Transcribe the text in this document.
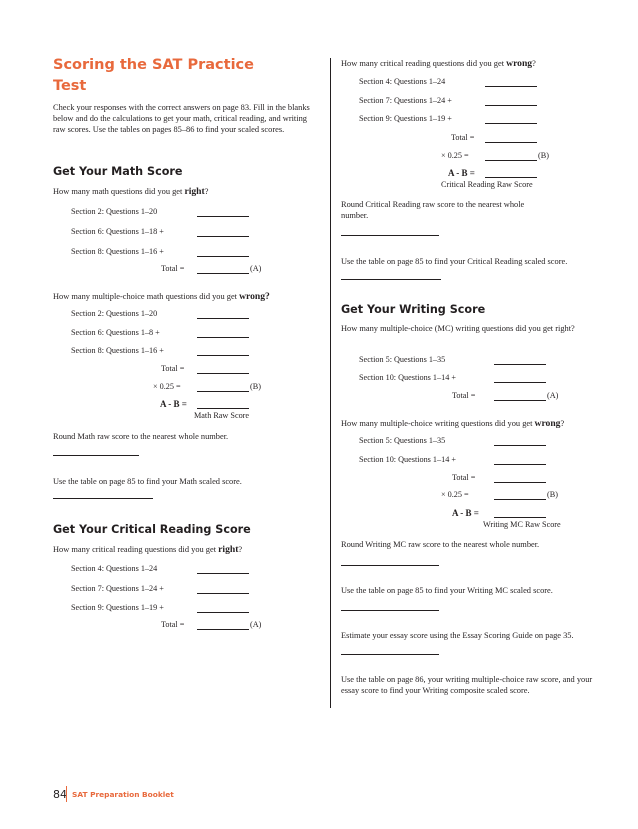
Scoring the SAT Practice
Test
Check your responses with the correct answers on page 83. Fill in the blanks below and do the calculations to get your math, critical reading, and writing raw scores. Use the tables on pages 85–86 to find your scaled scores.
Get Your Math Score
How many math questions did you get right?
Section 2: Questions 1–20
Section 6: Questions 1–18 +
Section 8: Questions 1–16 +
Total =	(A)
How many multiple-choice math questions did you get wrong?
Section 2: Questions 1–20
Section 6: Questions 1–8 +
Section 8: Questions 1–16 +
Total =
× 0.25 =	(B)
A - B =
Math Raw Score
Round Math raw score to the nearest whole number.
Use the table on page 85 to find your Math scaled score.
Get Your Critical Reading Score
How many critical reading questions did you get right?
Section 4: Questions 1–24
Section 7: Questions 1–24 +
Section 9: Questions 1–19 +
Total =	(A)
How many critical reading questions did you get wrong?
Section 4: Questions 1–24
Section 7: Questions 1–24 +
Section 9: Questions 1–19 +
Total =
× 0.25 =	(B)
A - B =
Critical Reading Raw Score
Round Critical Reading raw score to the nearest whole number.
Use the table on page 85 to find your Critical Reading scaled score.
Get Your Writing Score
How many multiple-choice (MC) writing questions did you get right?
Section 5: Questions 1–35
Section 10: Questions 1–14 +
Total =	(A)
How many multiple-choice writing questions did you get wrong?
Section 5: Questions 1–35
Section 10: Questions 1–14 +
Total =
× 0.25 =	(B)
A - B =
Writing MC Raw Score
Round Writing MC raw score to the nearest whole number.
Use the table on page 85 to find your Writing MC scaled score.
Estimate your essay score using the Essay Scoring Guide on page 35.
Use the table on page 86, your writing multiple-choice raw score, and your essay score to find your Writing composite scaled score.
84 SAT Preparation Booklet
